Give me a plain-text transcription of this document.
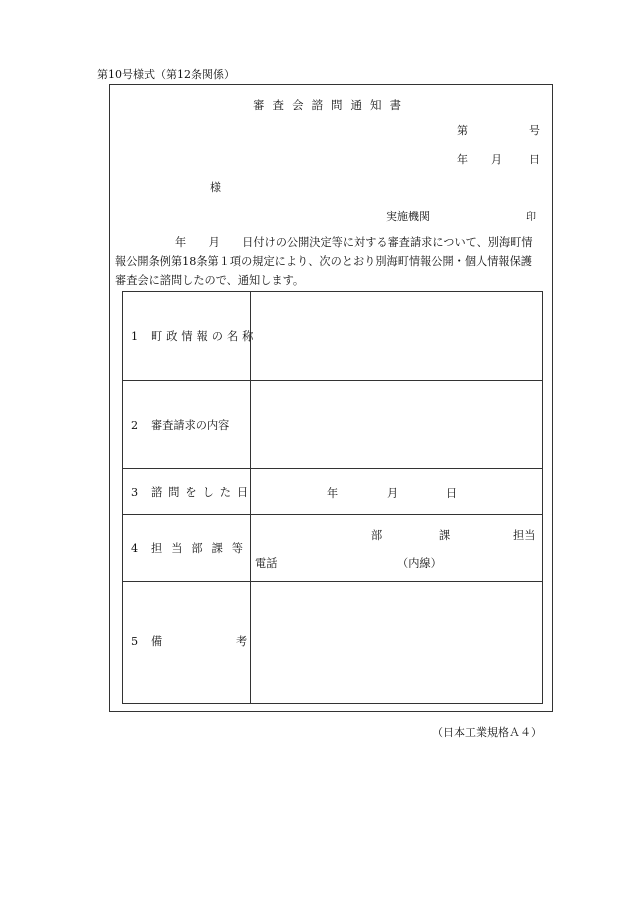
第10号様式（第12条関係）
審査会諮問通知書
第	号
年 月 日
様
実施機関	印
年　　月　　日付けの公開決定等に対する審査請求について、別海町情
報公開条例第18条第１項の規定により、次のとおり別海町情報公開・個人情報保護
審査会に諮問したので、通知します。
1 町政情報の名称	
2 審査請求の内容	
3 諮問をした日	年 月 日

4 担当部課等	部 課 担当
電話 （内線）

5 備 考	

（日本工業規格Ａ４）
